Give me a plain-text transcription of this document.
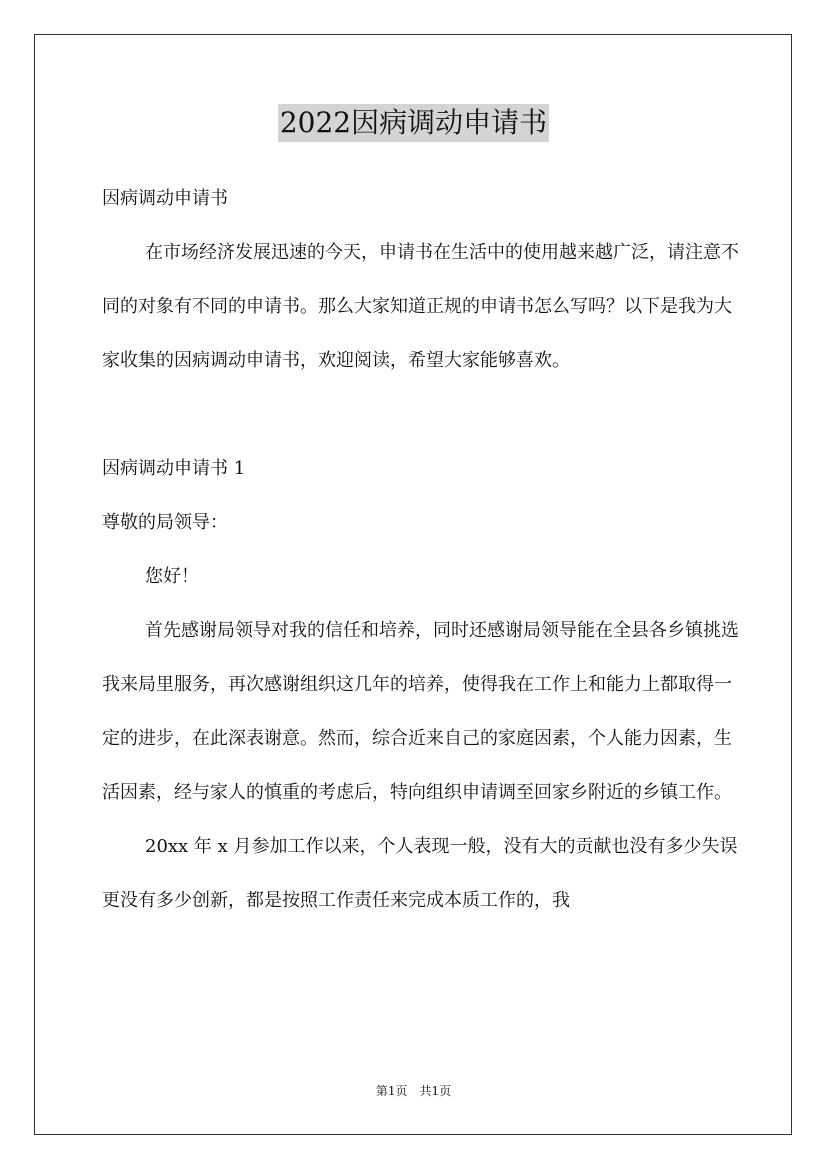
2022因病调动申请书

因病调动申请书

在市场经济发展迅速的今天，申请书在生活中的使用越来越广泛，请注意不同的对象有不同的申请书。那么大家知道正规的申请书怎么写吗？以下是我为大家收集的因病调动申请书，欢迎阅读，希望大家能够喜欢。

因病调动申请书 1

尊敬的局领导：

您好！

首先感谢局领导对我的信任和培养，同时还感谢局领导能在全县各乡镇挑选我来局里服务，再次感谢组织这几年的培养，使得我在工作上和能力上都取得一定的进步，在此深表谢意。然而，综合近来自己的家庭因素，个人能力因素，生活因素，经与家人的慎重的考虑后，特向组织申请调至回家乡附近的乡镇工作。

20xx 年 x 月参加工作以来，个人表现一般，没有大的贡献也没有多少失误更没有多少创新，都是按照工作责任来完成本质工作的，我

第1页 共1页
